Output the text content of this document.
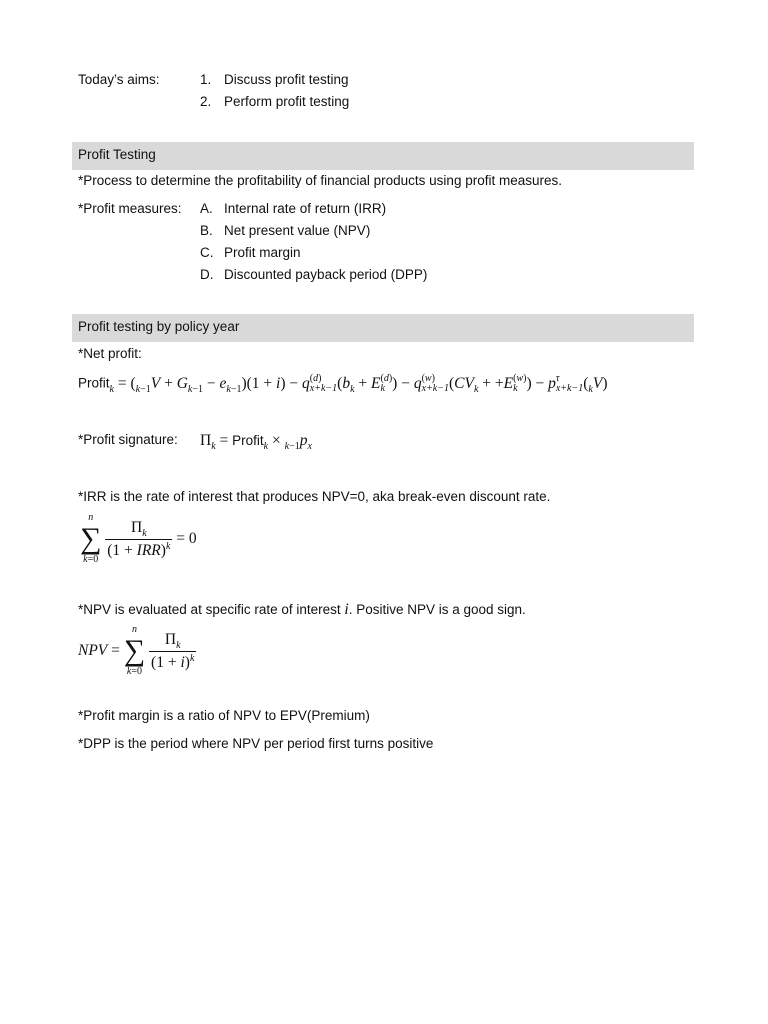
Today’s aims:	1. Discuss profit testing
2. Perform profit testing
Profit Testing
*Process to determine the profitability of financial products using profit measures.
*Profit measures: A. Internal rate of return (IRR)
B. Net present value (NPV)
C. Profit margin
D. Discounted payback period (DPP)
Profit testing by policy year
*Net profit:
Profit$_k$ = $(_{k-1}V + G_{k-1} - e_{k-1})(1 + i) - q$ (d)
x+k−1 ($b_k + E$ (d)
k ) − q (w)
x+k−1 ($CV_k + +E$ (w)
k ) − p τ
x+k−1 $(_kV)$
*Profit signature: $\Pi_k$ = Profit$_k$ × $_{k-1}p_x$
*IRR is the rate of interest that produces NPV=0, aka break-even discount rate.
n
∑
k=0
$\frac{\Pi_k}{(1 + IRR)^k} = 0$
*NPV is evaluated at specific rate of interest i. Positive NPV is a good sign.
NPV =
n
∑
k=0
$\frac{\Pi_k}{(1 + i)^k}$
*Profit margin is a ratio of NPV to EPV(Premium)
*DPP is the period where NPV per period first turns positive
